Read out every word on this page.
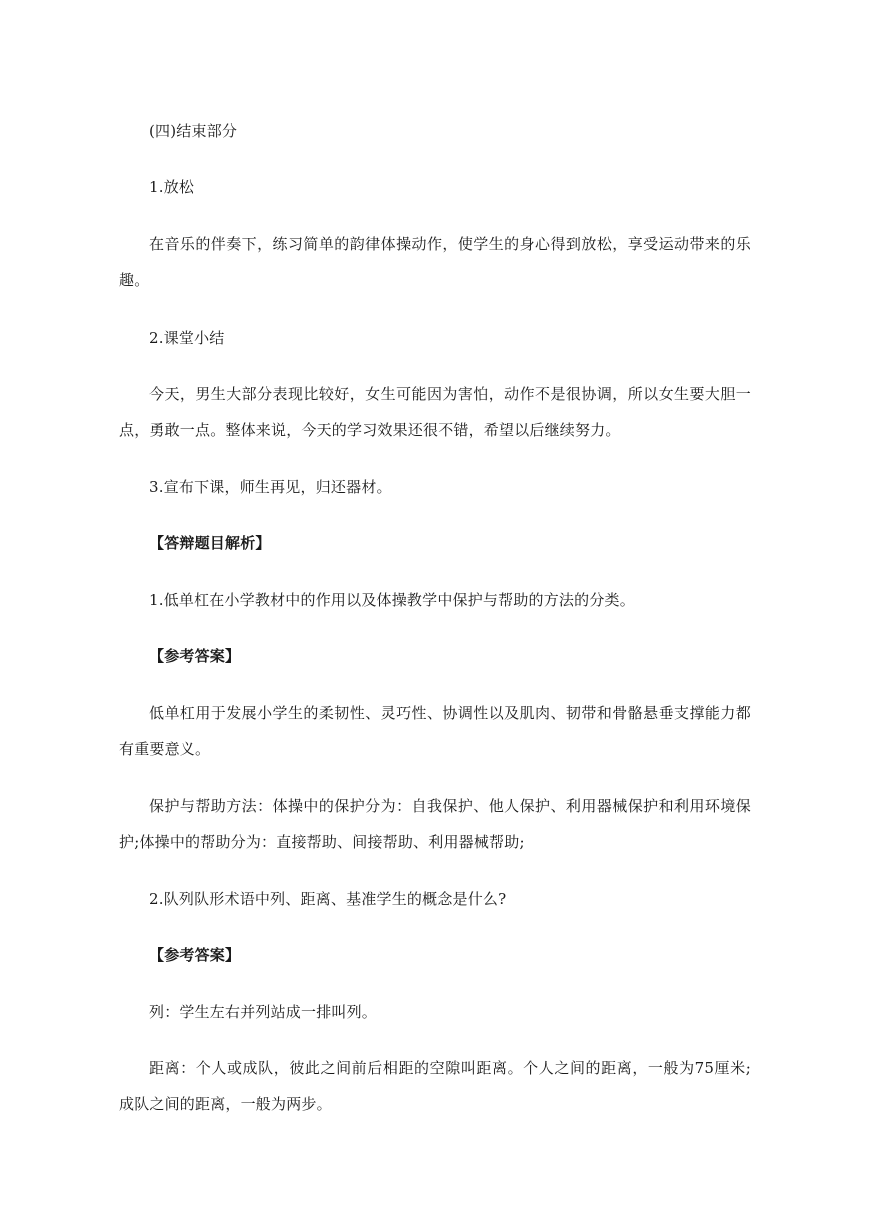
(四)结束部分

1.放松

在音乐的伴奏下，练习简单的韵律体操动作，使学生的身心得到放松，享受运动带来的乐趣。

2.课堂小结

今天，男生大部分表现比较好，女生可能因为害怕，动作不是很协调，所以女生要大胆一点，勇敢一点。整体来说，今天的学习效果还很不错，希望以后继续努力。

3.宣布下课，师生再见，归还器材。

【答辩题目解析】

1.低单杠在小学教材中的作用以及体操教学中保护与帮助的方法的分类。

【参考答案】

低单杠用于发展小学生的柔韧性、灵巧性、协调性以及肌肉、韧带和骨骼悬垂支撑能力都有重要意义。

保护与帮助方法：体操中的保护分为：自我保护、他人保护、利用器械保护和利用环境保护;体操中的帮助分为：直接帮助、间接帮助、利用器械帮助;

2.队列队形术语中列、距离、基准学生的概念是什么?

【参考答案】

列：学生左右并列站成一排叫列。

距离：个人或成队，彼此之间前后相距的空隙叫距离。个人之间的距离，一般为75厘米;成队之间的距离，一般为两步。
